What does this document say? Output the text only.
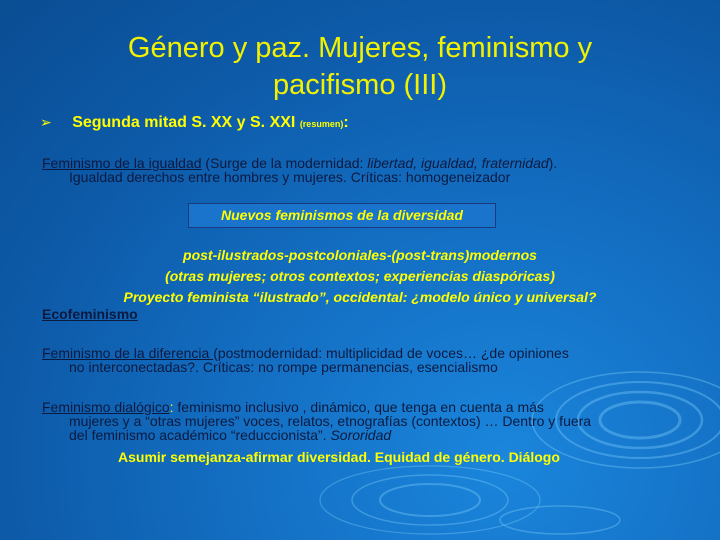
Género y paz. Mujeres, feminismo y
pacifismo (III)
➢ Segunda mitad S. XX y S. XXI (resumen):
Feminismo de la igualdad (Surge de la modernidad: libertad, igualdad, fraternidad).
Igualdad derechos entre hombres y mujeres. Críticas: homogeneizador
Nuevos feminismos de la diversidad
post-ilustrados-postcoloniales-(post-trans)modernos
(otras mujeres; otros contextos; experiencias diaspóricas)
Proyecto feminista “ilustrado”, occidental: ¿modelo único y universal?
Ecofeminismo
Feminismo de la diferencia (postmodernidad: multiplicidad de voces… ¿de opiniones
no interconectadas?. Críticas: no rompe permanencias, esencialismo
Feminismo dialógico: feminismo inclusivo , dinámico, que tenga en cuenta a más
mujeres y a “otras mujeres” voces, relatos, etnografías (contextos) … Dentro y fuera
del feminismo académico “reduccionista”. Sororidad
Asumir semejanza-afirmar diversidad. Equidad de género. Diálogo
